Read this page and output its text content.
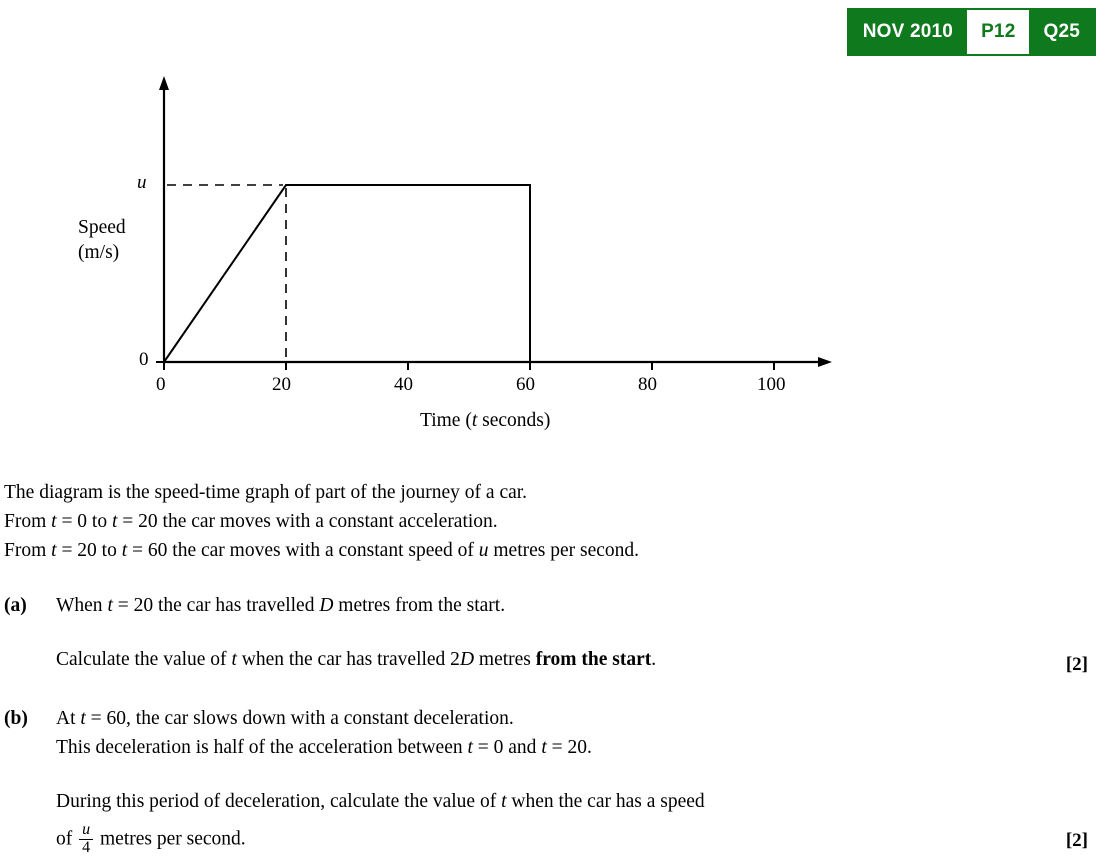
NOV 2010	P12	Q25
u
0
Speed
(m/s)
0	20	40	60	80	100
Time (t seconds)
The diagram is the speed-time graph of part of the journey of a car.
From t = 0 to t = 20 the car moves with a constant acceleration.
From t = 20 to t = 60 the car moves with a constant speed of u metres per second.
(a) When t = 20 the car has travelled D metres from the start.
Calculate the value of t when the car has travelled 2D metres from the start.
(b) At t = 60, the car slows down with a constant deceleration.
This deceleration is half of the acceleration between t = 0 and t = 20.
During this period of deceleration, calculate the value of t when the car has a speed
of $\frac{u}{4}$ metres per second.
[2]
[2]
